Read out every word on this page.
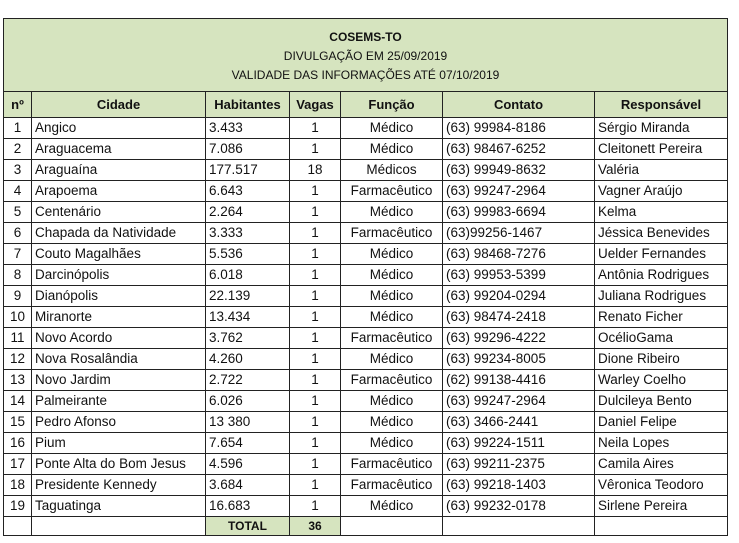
COSEMS-TO
DIVULGAÇÃO EM 25/09/2019
VALIDADE DAS INFORMAÇÕES ATÉ 07/10/2019						

nº	Cidade	Habitantes	Vagas	Função	Contato	Responsável
1	Angico	3.433	1	Médico	(63) 99984-8186	Sérgio Miranda
2	Araguacema	7.086	1	Médico	(63) 98467-6252	Cleitonett Pereira
3	Araguaína	177.517	18	Médicos	(63) 99949-8632	Valéria
4	Arapoema	6.643	1	Farmacêutico	(63) 99247-2964	Vagner Araújo
5	Centenário	2.264	1	Médico	(63) 99983-6694	Kelma
6	Chapada da Natividade	3.333	1	Farmacêutico	(63)99256-1467	Jéssica Benevides
7	Couto Magalhães	5.536	1	Médico	(63) 98468-7276	Uelder Fernandes
8	Darcinópolis	6.018	1	Médico	(63) 99953-5399	Antônia Rodrigues
9	Dianópolis	22.139	1	Médico	(63) 99204-0294	Juliana Rodrigues
10	Miranorte	13.434	1	Médico	(63) 98474-2418	Renato Ficher
11	Novo Acordo	3.762	1	Farmacêutico	(63) 99296-4222	OcélioGama
12	Nova Rosalândia	4.260	1	Médico	(63) 99234-8005	Dione Ribeiro
13	Novo Jardim	2.722	1	Farmacêutico	(62) 99138-4416	Warley Coelho
14	Palmeirante	6.026	1	Médico	(63) 99247-2964	Dulcileya Bento
15	Pedro Afonso	13 380	1	Médico	(63) 3466-2441	Daniel Felipe
16	Pium	7.654	1	Médico	(63) 99224-1511	Neila Lopes
17	Ponte Alta do Bom Jesus	4.596	1	Farmacêutico	(63) 99211-2375	Camila Aires
18	Presidente Kennedy	3.684	1	Farmacêutico	(63) 99218-1403	Vêronica Teodoro
19	Taguatinga	16.683	1	Médico	(63) 99232-0178	Sirlene Pereira
		TOTAL	36			
